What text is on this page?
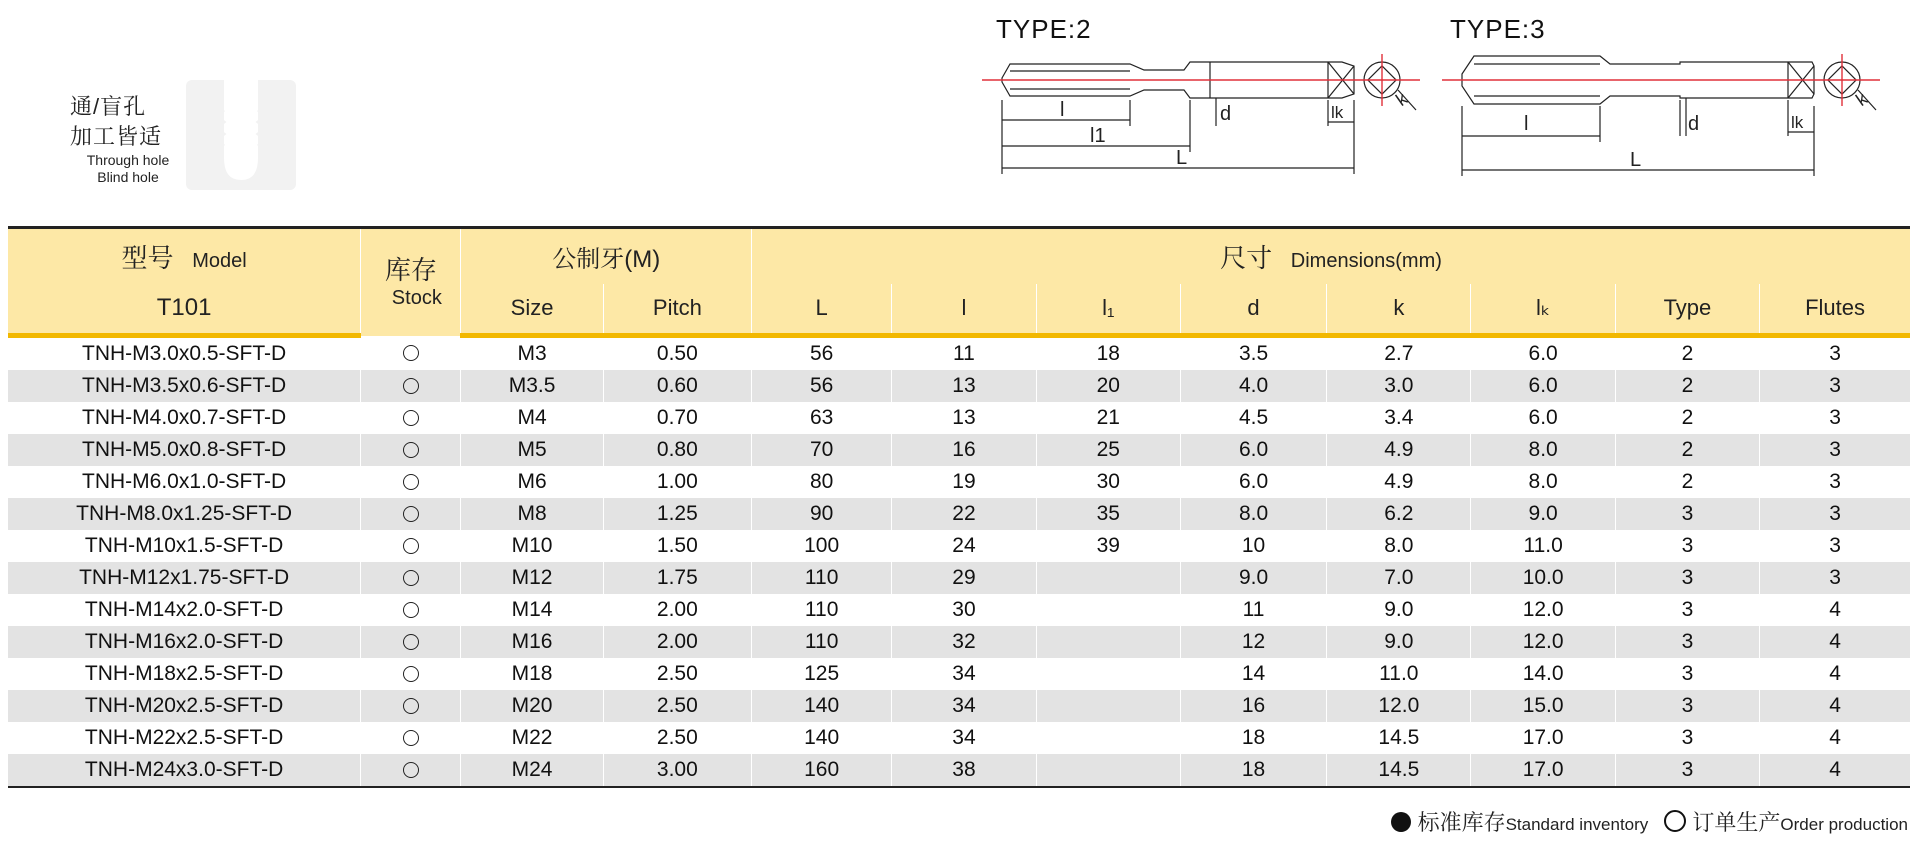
通/盲孔
加工皆适
Through hole
Blind hole
TYPE:2
l
l1
L
d	lk
k
TYPE:3
l
L
d	lk
k
型号 Model	库存
Stock	公制牙(M)		尺寸 Dimensions(mm)							
T101		Size	Pitch	L	l	l₁	d	k	lₖ	Type	Flutes
TNH-M3.0x0.5-SFT-D		M3	0.50	56	11	18	3.5	2.7	6.0	2	3
TNH-M3.5x0.6-SFT-D		M3.5	0.60	56	13	20	4.0	3.0	6.0	2	3
TNH-M4.0x0.7-SFT-D		M4	0.70	63	13	21	4.5	3.4	6.0	2	3
TNH-M5.0x0.8-SFT-D		M5	0.80	70	16	25	6.0	4.9	8.0	2	3
TNH-M6.0x1.0-SFT-D		M6	1.00	80	19	30	6.0	4.9	8.0	2	3
TNH-M8.0x1.25-SFT-D		M8	1.25	90	22	35	8.0	6.2	9.0	3	3
TNH-M10x1.5-SFT-D		M10	1.50	100	24	39	10	8.0	11.0	3	3
TNH-M12x1.75-SFT-D		M12	1.75	110	29		9.0	7.0	10.0	3	3
TNH-M14x2.0-SFT-D		M14	2.00	110	30		11	9.0	12.0	3	4
TNH-M16x2.0-SFT-D		M16	2.00	110	32		12	9.0	12.0	3	4
TNH-M18x2.5-SFT-D		M18	2.50	125	34		14	11.0	14.0	3	4
TNH-M20x2.5-SFT-D		M20	2.50	140	34		16	12.0	15.0	3	4
TNH-M22x2.5-SFT-D		M22	2.50	140	34		18	14.5	17.0	3	4
TNH-M24x3.0-SFT-D		M24	3.00	160	38		18	14.5	17.0	3	4
标准库存Standard inventory	订单生产Order production
